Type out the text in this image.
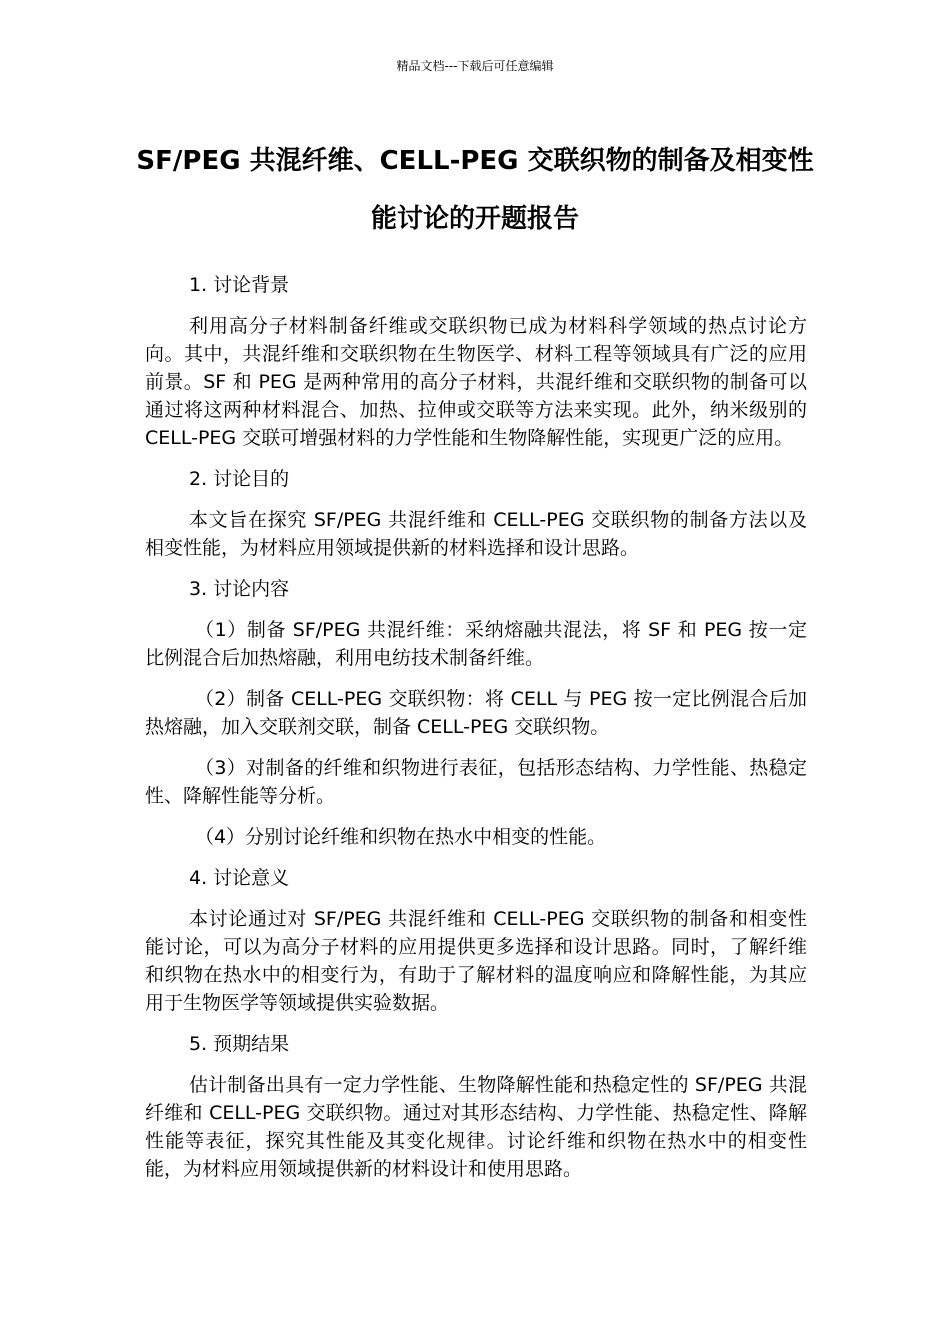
精品文档---下载后可任意编辑
SF/PEG 共混纤维、CELL-PEG 交联织物的制备及相变性能讨论的开题报告

1. 讨论背景

利用高分子材料制备纤维或交联织物已成为材料科学领域的热点讨论方向。其中，共混纤维和交联织物在生物医学、材料工程等领域具有广泛的应用前景。SF 和 PEG 是两种常用的高分子材料，共混纤维和交联织物的制备可以通过将这两种材料混合、加热、拉伸或交联等方法来实现。此外，纳米级别的 CELL-PEG 交联可增强材料的力学性能和生物降解性能，实现更广泛的应用。

2. 讨论目的

本文旨在探究 SF/PEG 共混纤维和 CELL-PEG 交联织物的制备方法以及相变性能，为材料应用领域提供新的材料选择和设计思路。

3. 讨论内容

（1）制备 SF/PEG 共混纤维：采纳熔融共混法，将 SF 和 PEG 按一定比例混合后加热熔融，利用电纺技术制备纤维。

（2）制备 CELL-PEG 交联织物：将 CELL 与 PEG 按一定比例混合后加热熔融，加入交联剂交联，制备 CELL-PEG 交联织物。

（3）对制备的纤维和织物进行表征，包括形态结构、力学性能、热稳定性、降解性能等分析。

（4）分别讨论纤维和织物在热水中相变的性能。

4. 讨论意义

本讨论通过对 SF/PEG 共混纤维和 CELL-PEG 交联织物的制备和相变性能讨论，可以为高分子材料的应用提供更多选择和设计思路。同时，了解纤维和织物在热水中的相变行为，有助于了解材料的温度响应和降解性能，为其应用于生物医学等领域提供实验数据。

5. 预期结果

估计制备出具有一定力学性能、生物降解性能和热稳定性的 SF/PEG 共混纤维和 CELL-PEG 交联织物。通过对其形态结构、力学性能、热稳定性、降解性能等表征，探究其性能及其变化规律。讨论纤维和织物在热水中的相变性能，为材料应用领域提供新的材料设计和使用思路。
